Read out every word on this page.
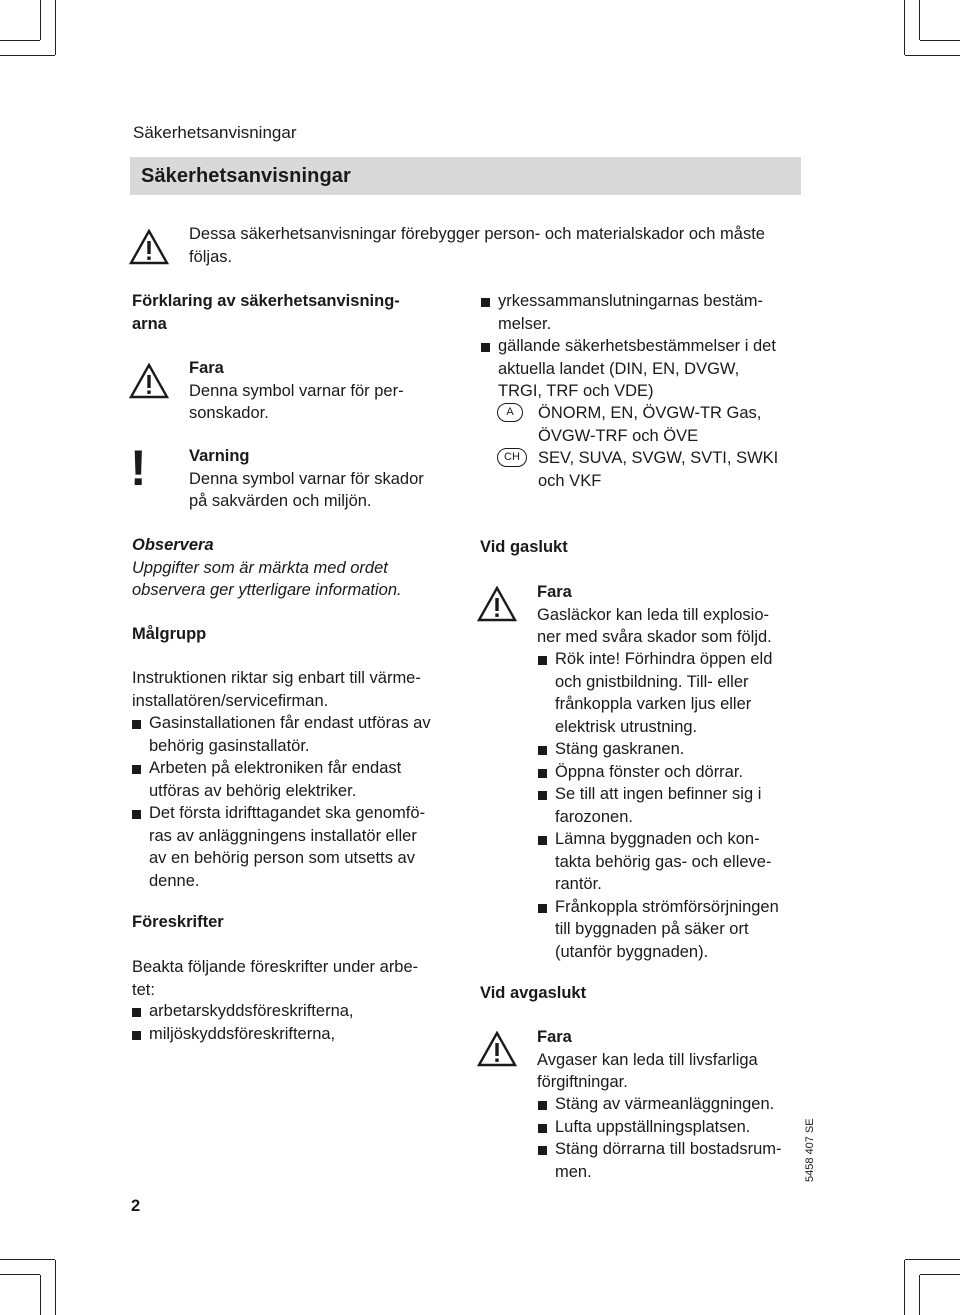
Säkerhetsanvisningar
Säkerhetsanvisningar
Dessa säkerhetsanvisningar förebygger person- och materialskador och måste följas.
Förklaring av säkerhetsanvisning-
arna
Fara
Denna symbol varnar för per-
sonskador.
!	Varning
Denna symbol varnar för skador
på sakvärden och miljön.
Observera
Uppgifter som är märkta med ordet
observera ger ytterligare information.
Målgrupp
Instruktionen riktar sig enbart till värme-
installatören/servicefirman.
Gasinstallationen får endast utföras av
behörig gasinstallatör.
Arbeten på elektroniken får endast
utföras av behörig elektriker.
Det första idrifttagandet ska genomfö-
ras av anläggningens installatör eller
av en behörig person som utsetts av
denne.
Föreskrifter
Beakta följande föreskrifter under arbe-
tet:
arbetarskyddsföreskrifterna,
miljöskyddsföreskrifterna,
yrkessammanslutningarnas bestäm-
melser.
gällande säkerhetsbestämmelser i det
aktuella landet (DIN, EN, DVGW,
TRGI, TRF och VDE)
A	ÖNORM, EN, ÖVGW-TR Gas,
ÖVGW-TRF och ÖVE
CH	SEV, SUVA, SVGW, SVTI, SWKI
och VKF
Vid gaslukt
Fara
Gasläckor kan leda till explosio-
ner med svåra skador som följd.
Rök inte! Förhindra öppen eld
och gnistbildning. Till- eller
frånkoppla varken ljus eller
elektrisk utrustning.
Stäng gaskranen.
Öppna fönster och dörrar.
Se till att ingen befinner sig i
farozonen.
Lämna byggnaden och kon-
takta behörig gas- och elleve-
rantör.
Frånkoppla strömförsörjningen
till byggnaden på säker ort
(utanför byggnaden).
Vid avgaslukt
Fara
Avgaser kan leda till livsfarliga
förgiftningar.
Stäng av värmeanläggningen.
Lufta uppställningsplatsen.
Stäng dörrarna till bostadsrum-
men.
2
5458 407 SE
